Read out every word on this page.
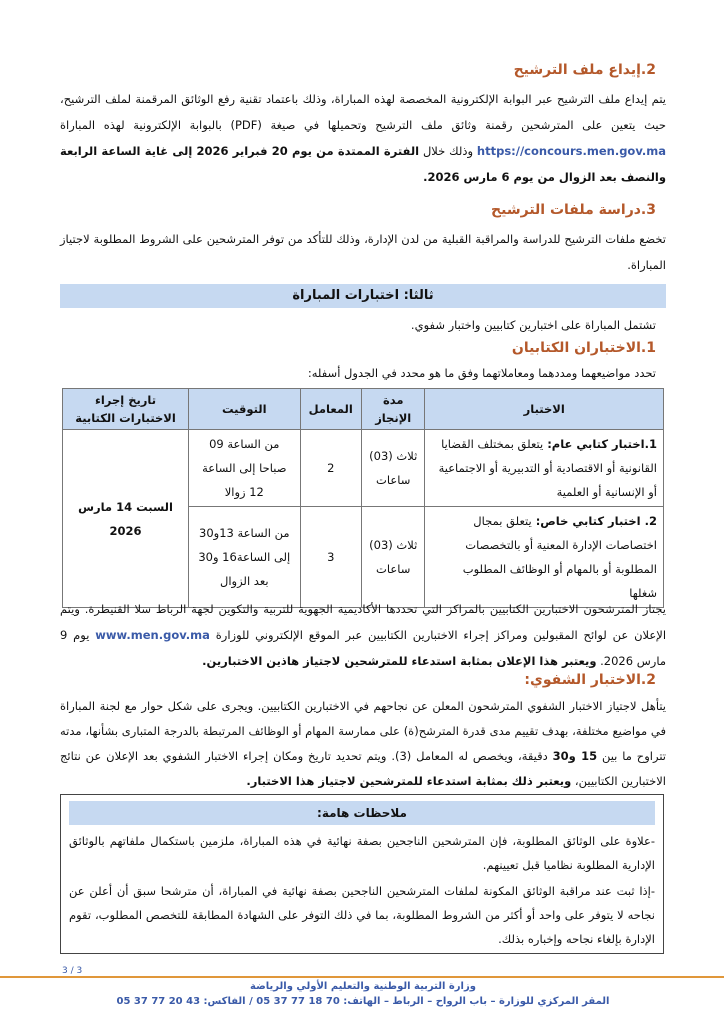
2.إيداع ملف الترشيح
يتم إيداع ملف الترشيح عبر البوابة الإلكترونية المخصصة لهذه المباراة، وذلك باعتماد تقنية رفع الوثائق المرقمنة لملف الترشيح، حيث يتعين على المترشحين رقمنة وثائق ملف الترشيح وتحميلها في صيغة (PDF) بالبوابة الإلكترونية لهذه المباراة https://concours.men.gov.ma وذلك خلال الفترة الممتدة من يوم 20 فبراير 2026 إلى غاية الساعة الرابعة والنصف بعد الزوال من يوم 6 مارس 2026.
3.دراسة ملفات الترشيح
تخضع ملفات الترشيح للدراسة والمراقبة القبلية من لدن الإدارة، وذلك للتأكد من توفر المترشحين على الشروط المطلوبة لاجتياز المباراة.
ثالثا: اختبارات المباراة
تشتمل المباراة على اختبارين كتابيين واختبار شفوي.
1.الاختباران الكتابيان
تحدد مواضيعهما ومددهما ومعاملاتهما وفق ما هو محدد في الجدول أسفله:
الاختبار	مدة الإنجاز	المعامل	التوقيت	تاريخ إجراء الاختبارات الكتابية
1.اختبار كتابي عام: يتعلق بمختلف القضايا القانونية أو الاقتصادية أو التدبيرية أو الاجتماعية أو الإنسانية أو العلمية	ثلاث (03) ساعات	2	من الساعة 09 صباحا إلى الساعة 12 زوالا	السبت 14 مارس 2026
2. اختبار كتابي خاص: يتعلق بمجال اختصاصات الإدارة المعنية أو بالتخصصات المطلوبة أو بالمهام أو الوظائف المطلوب شغلها	ثلاث (03) ساعات	3	من الساعة 13و30 إلى الساعة16 و30 بعد الزوال	
يجتاز المترشحون الاختبارين الكتابيين بالمراكز التي تحددها الأكاديمية الجهوية للتربية والتكوين لجهة الرباط سلا القنيطرة. ويتم الإعلان عن لوائح المقبولين ومراكز إجراء الاختبارين الكتابيين عبر الموقع الإلكتروني للوزارة www.men.gov.ma يوم 9 مارس 2026. ويعتبر هذا الإعلان بمثابة استدعاء للمترشحين لاجتياز هاذين الاختبارين.
2.الاختبار الشفوي:
يتأهل لاجتياز الاختبار الشفوي المترشحون المعلن عن نجاحهم في الاختبارين الكتابيين. ويجرى على شكل حوار مع لجنة المباراة في مواضيع مختلفة، بهدف تقييم مدى قدرة المترشح(ة) على ممارسة المهام أو الوظائف المرتبطة بالدرجة المتبارى بشأنها، مدته تتراوح ما بين 15 و30 دقيقة، ويخصص له المعامل (3). ويتم تحديد تاريخ ومكان إجراء الاختبار الشفوي بعد الإعلان عن نتائج الاختبارين الكتابيين، ويعتبر ذلك بمثابة استدعاء للمترشحين لاجتياز هذا الاختبار.
ملاحظات هامة:
-علاوة على الوثائق المطلوبة، فإن المترشحين الناجحين بصفة نهائية في هذه المباراة، ملزمين باستكمال ملفاتهم بالوثائق الإدارية المطلوبة نظاميا قبل تعيينهم.
-إذا ثبت عند مراقبة الوثائق المكونة لملفات المترشحين الناجحين بصفة نهائية في المباراة، أن مترشحا سبق أن أعلن عن نجاحه لا يتوفر على واحد أو أكثر من الشروط المطلوبة، بما في ذلك التوفر على الشهادة المطابقة للتخصص المطلوب، تقوم الإدارة بإلغاء نجاحه وإخباره بذلك.
3 / 3
وزارة التربية الوطنية والتعليم الأولي والرياضة
المقر المركزي للوزارة – باب الرواح – الرباط – الهاتف: 70 18 77 37 05 / الفاكس: 43 20 77 37 05
